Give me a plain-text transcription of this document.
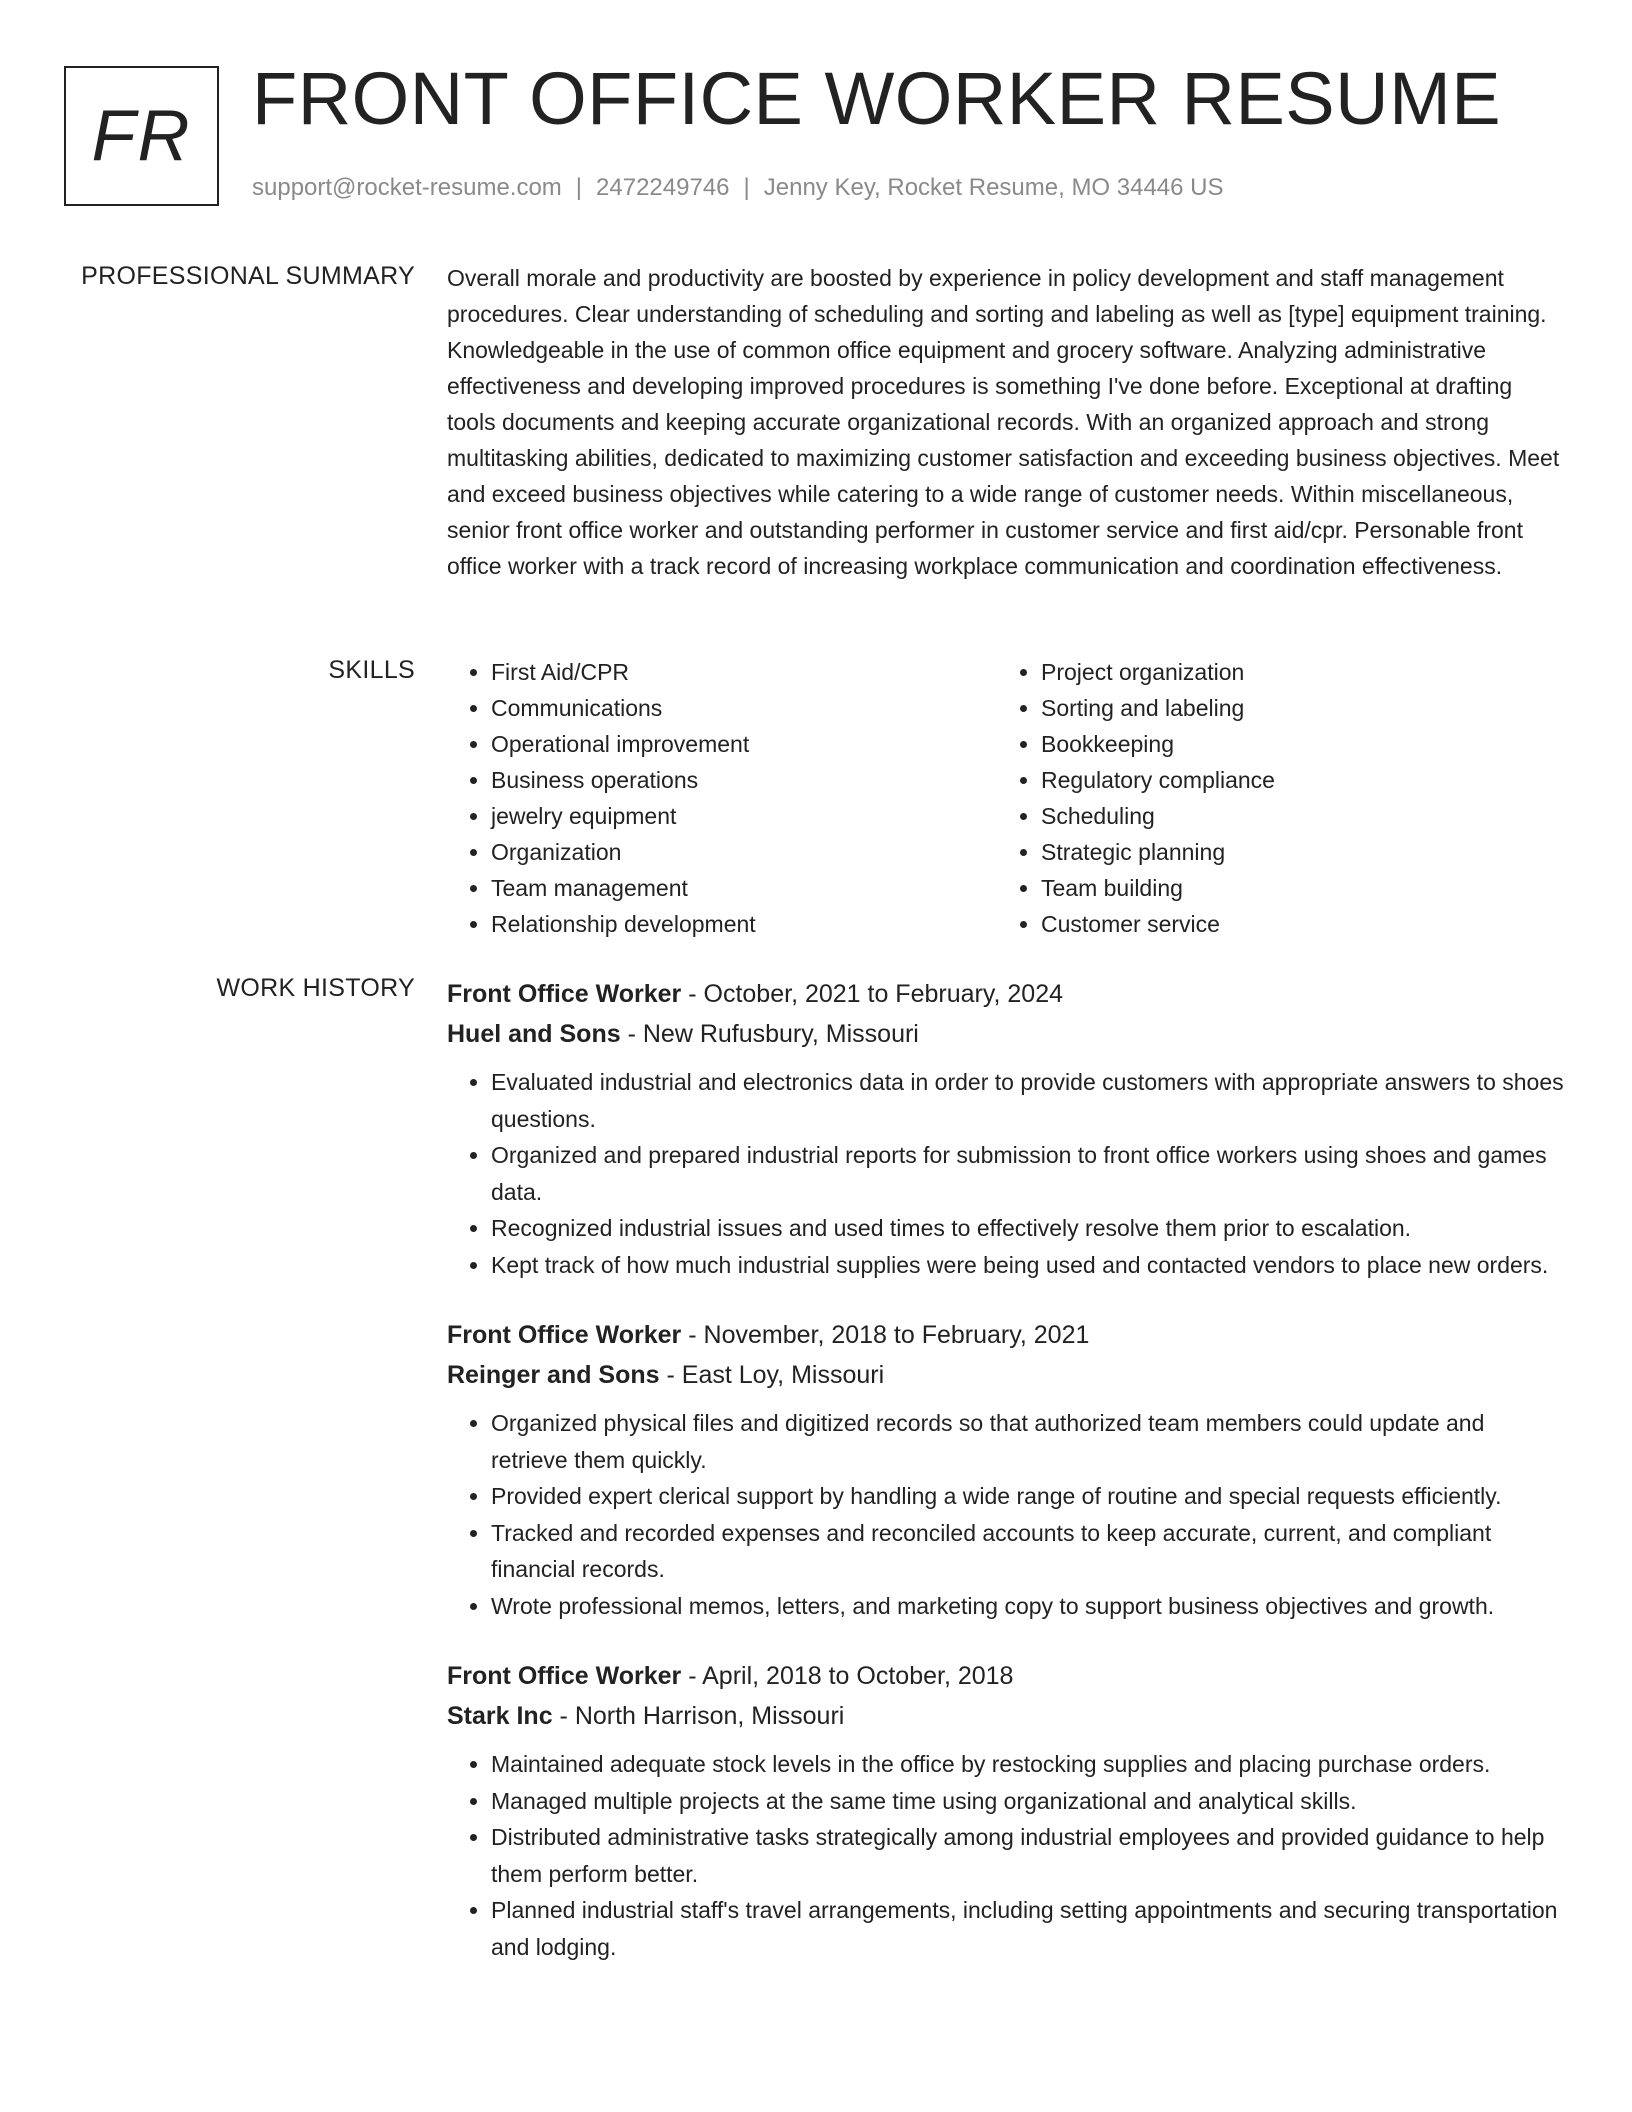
FR FRONT OFFICE WORKER RESUME
support@rocket-resume.com | 2472249746 | Jenny Key, Rocket Resume, MO 34446 US
PROFESSIONAL SUMMARY Overall morale and productivity are boosted by experience in policy development and staff management procedures. Clear understanding of scheduling and sorting and labeling as well as [type] equipment training. Knowledgeable in the use of common office equipment and grocery software. Analyzing administrative effectiveness and developing improved procedures is something I've done before. Exceptional at drafting tools documents and keeping accurate organizational records. With an organized approach and strong multitasking abilities, dedicated to maximizing customer satisfaction and exceeding business objectives. Meet and exceed business objectives while catering to a wide range of customer needs. Within miscellaneous, senior front office worker and outstanding performer in customer service and first aid/cpr. Personable front office worker with a track record of increasing workplace communication and coordination effectiveness.

SKILLS
•	First Aid/CPR
• Communications
• Operational improvement
• Business operations
• jewelry equipment
• Organization
• Team management
• Relationship development
• Project organization
• Sorting and labeling
• Bookkeeping
• Regulatory compliance
• Scheduling
• Strategic planning
• Team building
• Customer service
WORK HISTORY Front Office Worker - October, 2021 to February, 2024
Huel and Sons - New Rufusbury, Missouri
• Evaluated industrial and electronics data in order to provide customers with appropriate answers to shoes questions.
• Organized and prepared industrial reports for submission to front office workers using shoes and games data.
• Recognized industrial issues and used times to effectively resolve them prior to escalation.
• Kept track of how much industrial supplies were being used and contacted vendors to place new orders.
Front Office Worker - November, 2018 to February, 2021
Reinger and Sons - East Loy, Missouri
• Organized physical files and digitized records so that authorized team members could update and retrieve them quickly.
• Provided expert clerical support by handling a wide range of routine and special requests efficiently.
• Tracked and recorded expenses and reconciled accounts to keep accurate, current, and compliant financial records.
• Wrote professional memos, letters, and marketing copy to support business objectives and growth.
Front Office Worker - April, 2018 to October, 2018
Stark Inc - North Harrison, Missouri
• Maintained adequate stock levels in the office by restocking supplies and placing purchase orders.
• Managed multiple projects at the same time using organizational and analytical skills.
• Distributed administrative tasks strategically among industrial employees and provided guidance to help them perform better.
• Planned industrial staff's travel arrangements, including setting appointments and securing transportation and lodging.
